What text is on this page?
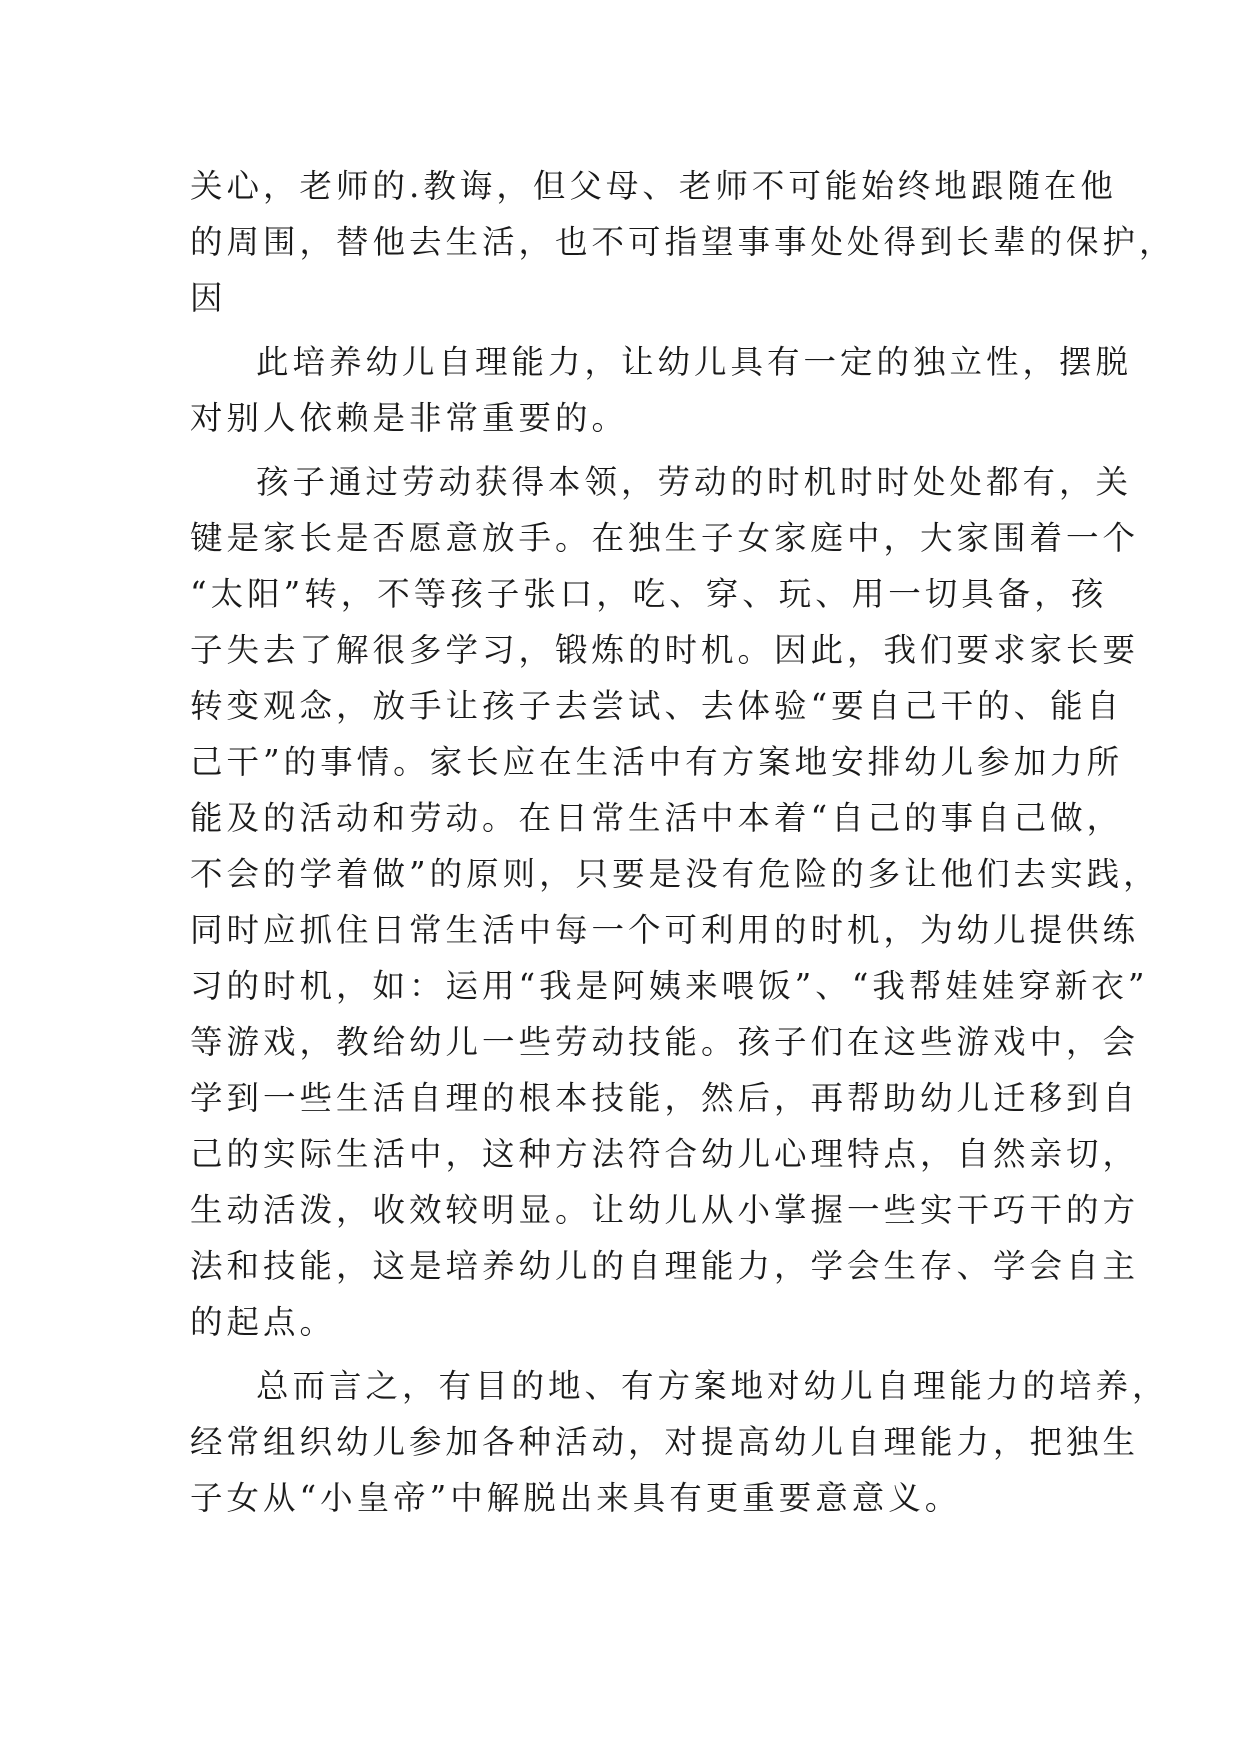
关心，老师的.教诲，但父母、老师不可能始终地跟随在他
的周围，替他去生活，也不可指望事事处处得到长辈的保护，
因
此培养幼儿自理能力，让幼儿具有一定的独立性，摆脱
对别人依赖是非常重要的。
孩子通过劳动获得本领，劳动的时机时时处处都有，关
键是家长是否愿意放手。在独生子女家庭中，大家围着一个
“太阳”转，不等孩子张口，吃、穿、玩、用一切具备，孩
子失去了解很多学习，锻炼的时机。因此，我们要求家长要
转变观念，放手让孩子去尝试、去体验“要自己干的、能自
己干”的事情。家长应在生活中有方案地安排幼儿参加力所
能及的活动和劳动。在日常生活中本着“自己的事自己做，
不会的学着做”的原则，只要是没有危险的多让他们去实践，
同时应抓住日常生活中每一个可利用的时机，为幼儿提供练
习的时机，如：运用“我是阿姨来喂饭”、“我帮娃娃穿新衣”
等游戏，教给幼儿一些劳动技能。孩子们在这些游戏中，会
学到一些生活自理的根本技能，然后，再帮助幼儿迁移到自
己的实际生活中，这种方法符合幼儿心理特点，自然亲切，
生动活泼，收效较明显。让幼儿从小掌握一些实干巧干的方
法和技能，这是培养幼儿的自理能力，学会生存、学会自主
的起点。
总而言之，有目的地、有方案地对幼儿自理能力的培养，
经常组织幼儿参加各种活动，对提高幼儿自理能力，把独生
子女从“小皇帝”中解脱出来具有更重要意意义。
